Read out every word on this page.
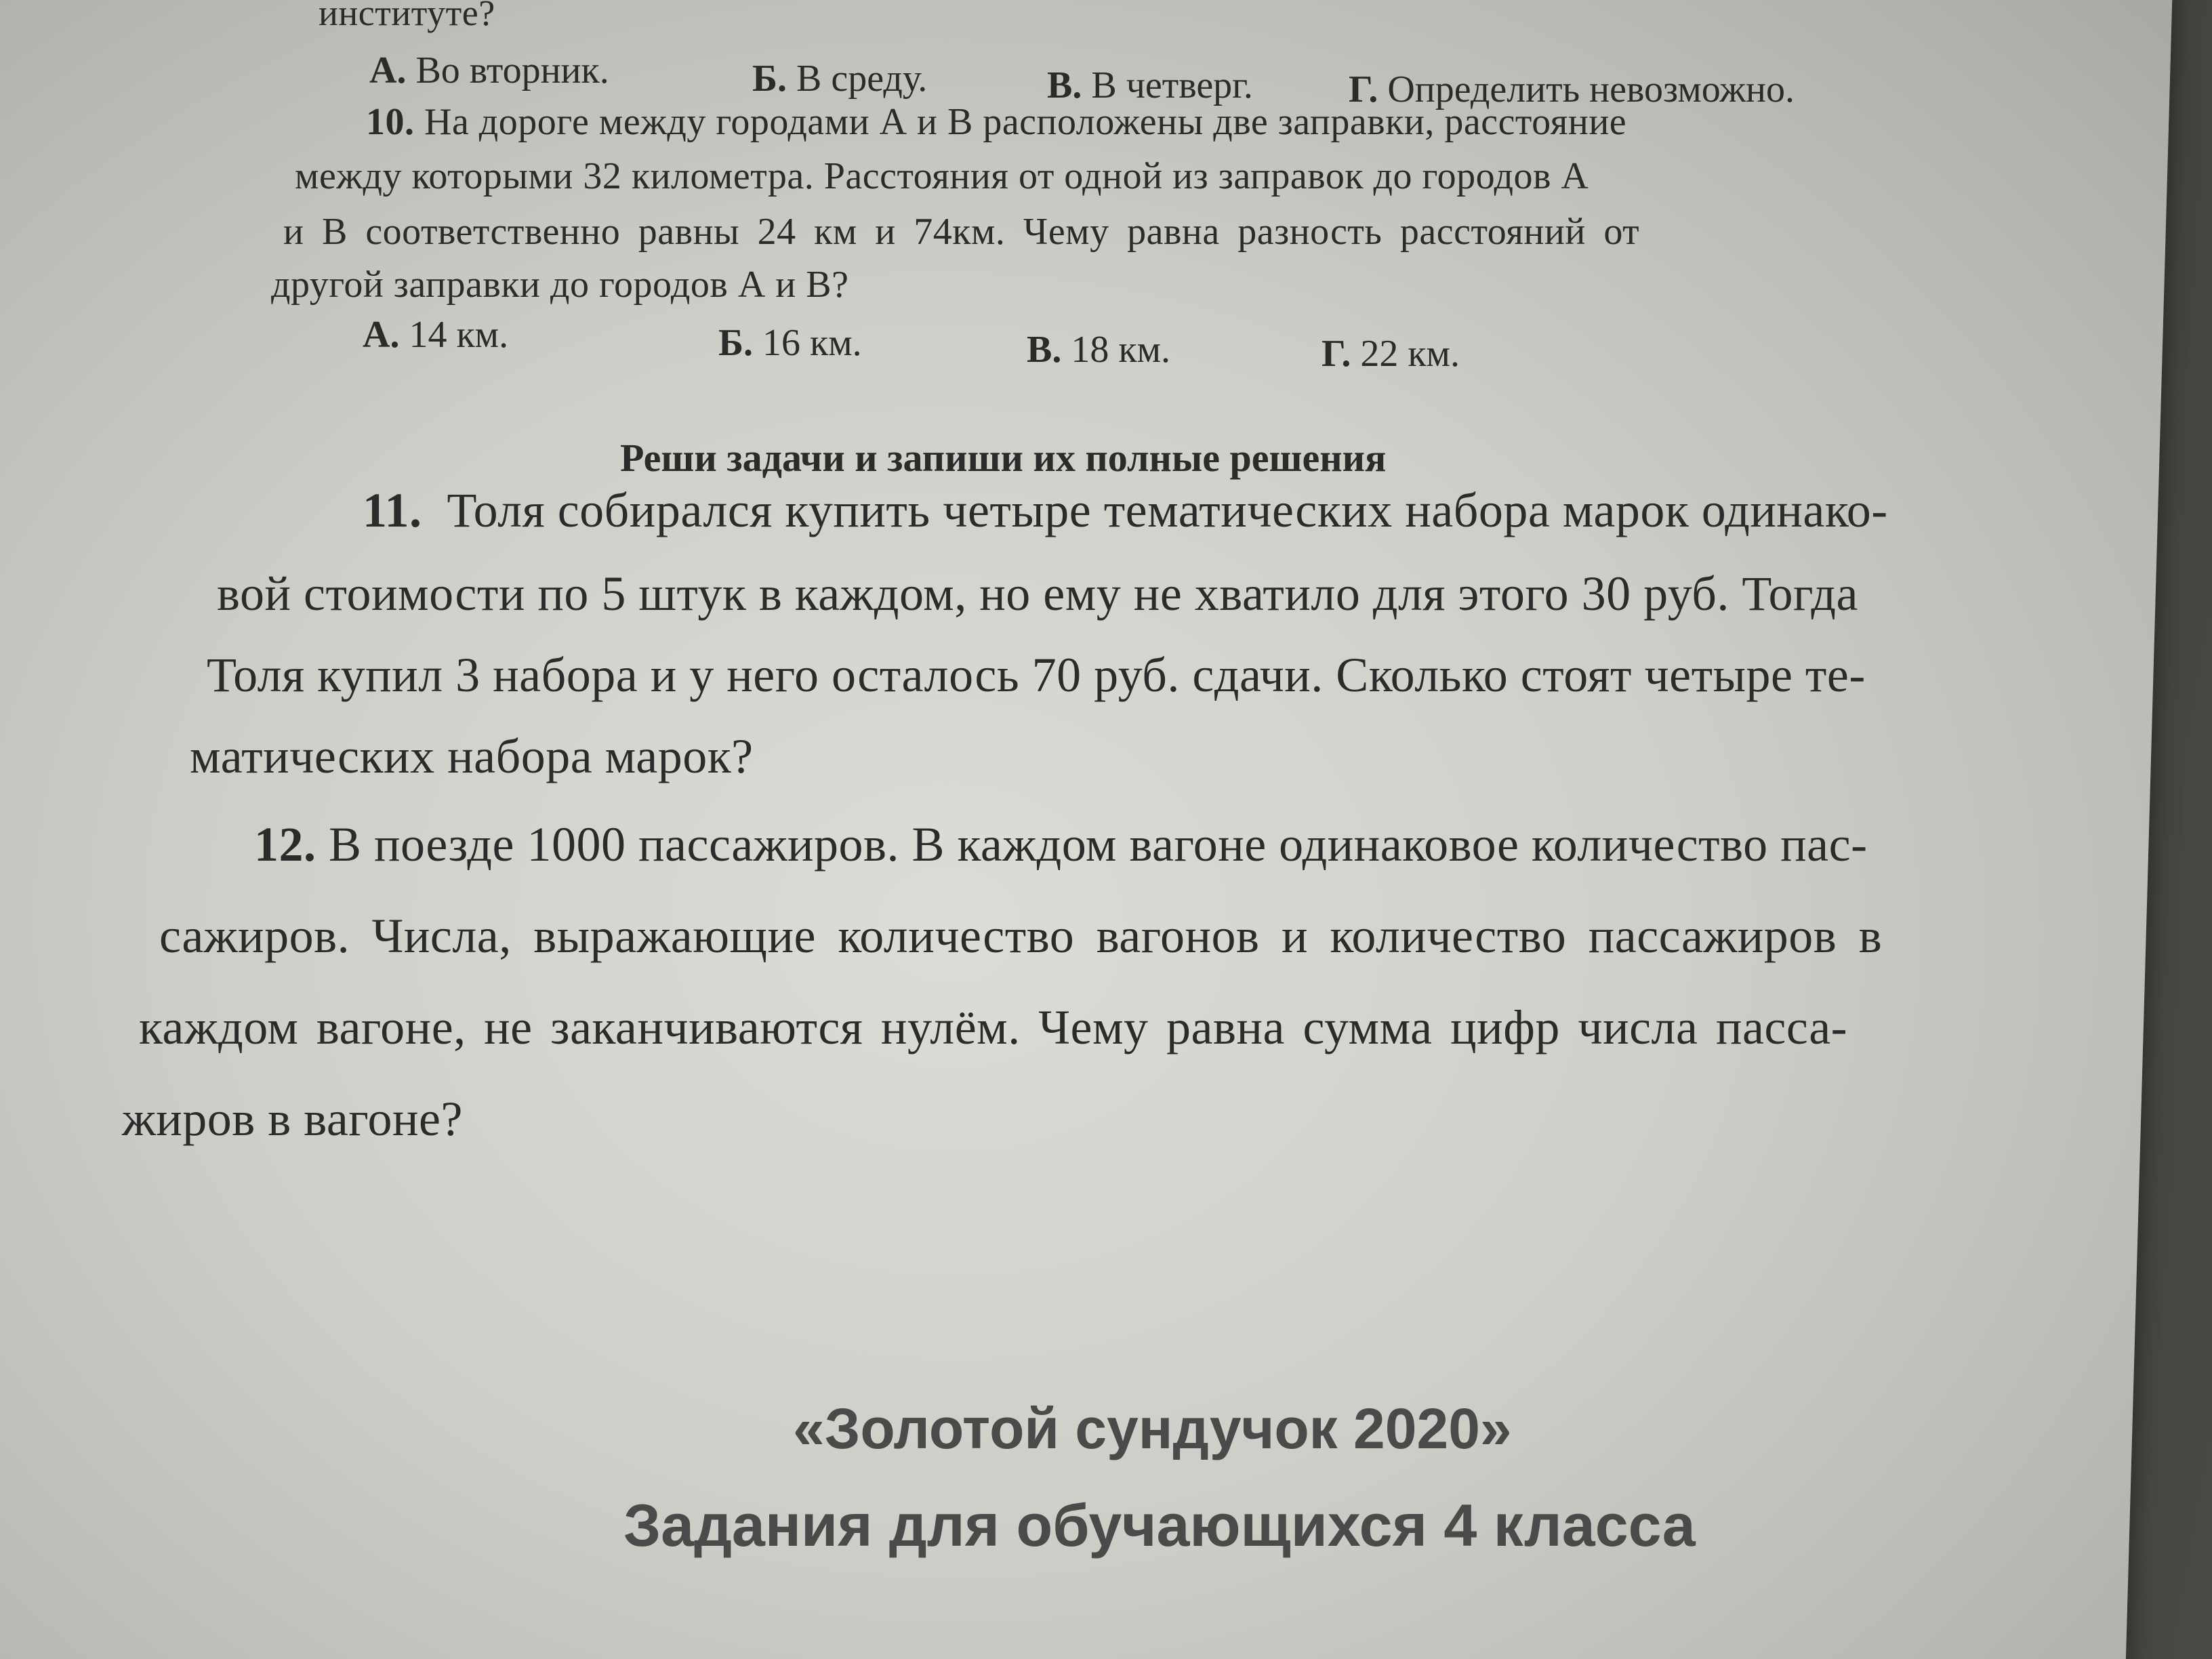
институте?
А. Во вторник.	Б. В среду.	В. В четверг.	Г. Определить невозможно.
10. На дороге между городами А и В расположены две заправки, расстояние
между которыми 32 километра. Расстояния от одной из заправок до городов А
и В соответственно равны 24 км и 74км. Чему равна разность расстояний от
другой заправки до городов А и В?
А. 14 км.	Б. 16 км.	В. 18 км.	Г. 22 км.
Реши задачи и запиши их полные решения
11. Толя собирался купить четыре тематических набора марок одинако-
вой стоимости по 5 штук в каждом, но ему не хватило для этого 30 руб. Тогда
Толя купил 3 набора и у него осталось 70 руб. сдачи. Сколько стоят четыре те-
матических набора марок?
12. В поезде 1000 пассажиров. В каждом вагоне одинаковое количество пас-
сажиров. Числа, выражающие количество вагонов и количество пассажиров в
каждом вагоне, не заканчиваются нулём. Чему равна сумма цифр числа пасса-
жиров в вагоне?
«Золотой сундучок 2020»
Задания для обучающихся 4 класса
